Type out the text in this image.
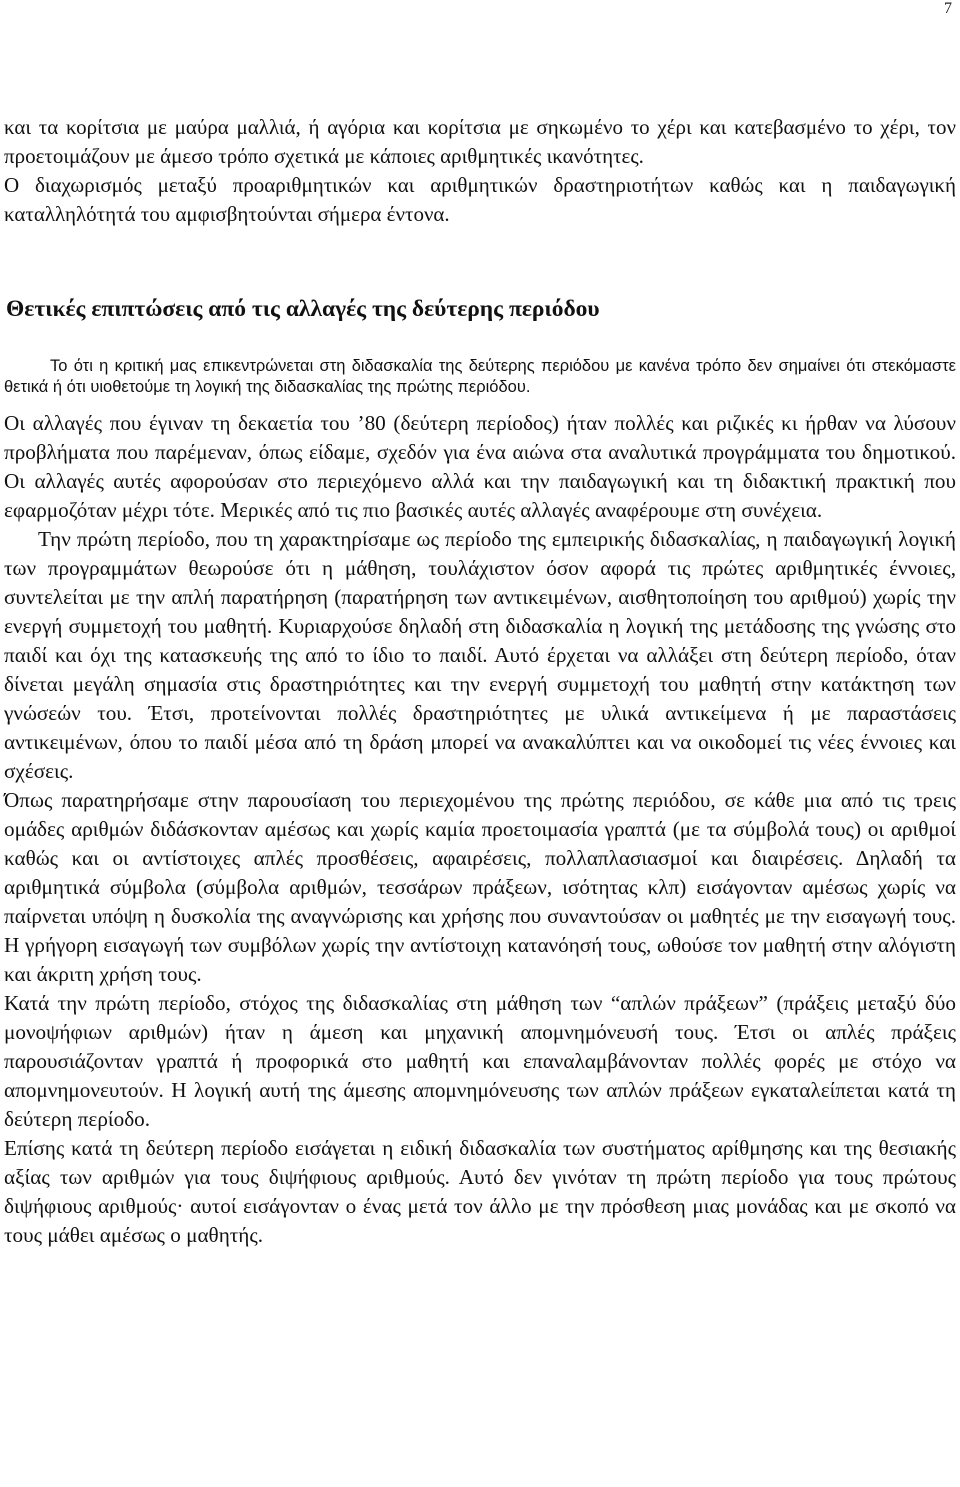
7
και τα κορίτσια με μαύρα μαλλιά, ή αγόρια και κορίτσια με σηκωμένο το χέρι και κατεβασμένο το χέρι, τον προετοιμάζουν με άμεσο τρόπο σχετικά με κάποιες αριθμητικές ικανότητες.
Ο διαχωρισμός μεταξύ προαριθμητικών και αριθμητικών δραστηριοτήτων καθώς και η παιδαγωγική καταλληλότητά του αμφισβητούνται σήμερα έντονα.
Θετικές επιπτώσεις από τις αλλαγές της δεύτερης περιόδου

Το ότι η κριτική μας επικεντρώνεται στη διδασκαλία της δεύτερης περιόδου με κανένα τρόπο δεν σημαίνει ότι στεκόμαστε θετικά ή ότι υιοθετούμε τη λογική της διδασκαλίας της πρώτης περιόδου.

Οι αλλαγές που έγιναν τη δεκαετία του ’80 (δεύτερη περίοδος) ήταν πολλές και ριζικές κι ήρθαν να λύσουν προβλήματα που παρέμεναν, όπως είδαμε, σχεδόν για ένα αιώνα στα αναλυτικά προγράμματα του δημοτικού. Οι αλλαγές αυτές αφορούσαν στο περιεχόμενο αλλά και την παιδαγωγική και τη διδακτική πρακτική που εφαρμοζόταν μέχρι τότε. Μερικές από τις πιο βασικές αυτές αλλαγές αναφέρουμε στη συνέχεια.

Την πρώτη περίοδο, που τη χαρακτηρίσαμε ως περίοδο της εμπειρικής διδασκαλίας, η παιδαγωγική λογική των προγραμμάτων θεωρούσε ότι η μάθηση, τουλάχιστον όσον αφορά τις πρώτες αριθμητικές έννοιες, συντελείται με την απλή παρατήρηση (παρατήρηση των αντικειμένων, αισθητοποίηση του αριθμού) χωρίς την ενεργή συμμετοχή του μαθητή. Κυριαρχούσε δηλαδή στη διδασκαλία η λογική της μετάδοσης της γνώσης στο παιδί και όχι της κατασκευής της από το ίδιο το παιδί. Αυτό έρχεται να αλλάξει στη δεύτερη περίοδο, όταν δίνεται μεγάλη σημασία στις δραστηριότητες και την ενεργή συμμετοχή του μαθητή στην κατάκτηση των γνώσεών του. Έτσι, προτείνονται πολλές δραστηριότητες με υλικά αντικείμενα ή με παραστάσεις αντικειμένων, όπου το παιδί μέσα από τη δράση μπορεί να ανακαλύπτει και να οικοδομεί τις νέες έννοιες και σχέσεις.

Όπως παρατηρήσαμε στην παρουσίαση του περιεχομένου της πρώτης περιόδου, σε κάθε μια από τις τρεις ομάδες αριθμών διδάσκονταν αμέσως και χωρίς καμία προετοιμασία γραπτά (με τα σύμβολά τους) οι αριθμοί καθώς και οι αντίστοιχες απλές προσθέσεις, αφαιρέσεις, πολλαπλασιασμοί και διαιρέσεις. Δηλαδή τα αριθμητικά σύμβολα (σύμβολα αριθμών, τεσσάρων πράξεων, ισότητας κλπ) εισάγονταν αμέσως χωρίς να παίρνεται υπόψη η δυσκολία της αναγνώρισης και χρήσης που συναντούσαν οι μαθητές με την εισαγωγή τους. Η γρήγορη εισαγωγή των συμβόλων χωρίς την αντίστοιχη κατανόησή τους, ωθούσε τον μαθητή στην αλόγιστη και άκριτη χρήση τους.

Κατά την πρώτη περίοδο, στόχος της διδασκαλίας στη μάθηση των “απλών πράξεων” (πράξεις μεταξύ δύο μονοψήφιων αριθμών) ήταν η άμεση και μηχανική απομνημόνευσή τους. Έτσι οι απλές πράξεις παρουσιάζονταν γραπτά ή προφορικά στο μαθητή και επαναλαμβάνονταν πολλές φορές με στόχο να απομνημονευτούν. Η λογική αυτή της άμεσης απομνημόνευσης των απλών πράξεων εγκαταλείπεται κατά τη δεύτερη περίοδο.

Επίσης κατά τη δεύτερη περίοδο εισάγεται η ειδική διδασκαλία των συστήματος αρίθμησης και της θεσιακής αξίας των αριθμών για τους διψήφιους αριθμούς. Αυτό δεν γινόταν τη πρώτη περίοδο για τους πρώτους διψήφιους αριθμούς· αυτοί εισάγονταν ο ένας μετά τον άλλο με την πρόσθεση μιας μονάδας και με σκοπό να τους μάθει αμέσως ο μαθητής.
